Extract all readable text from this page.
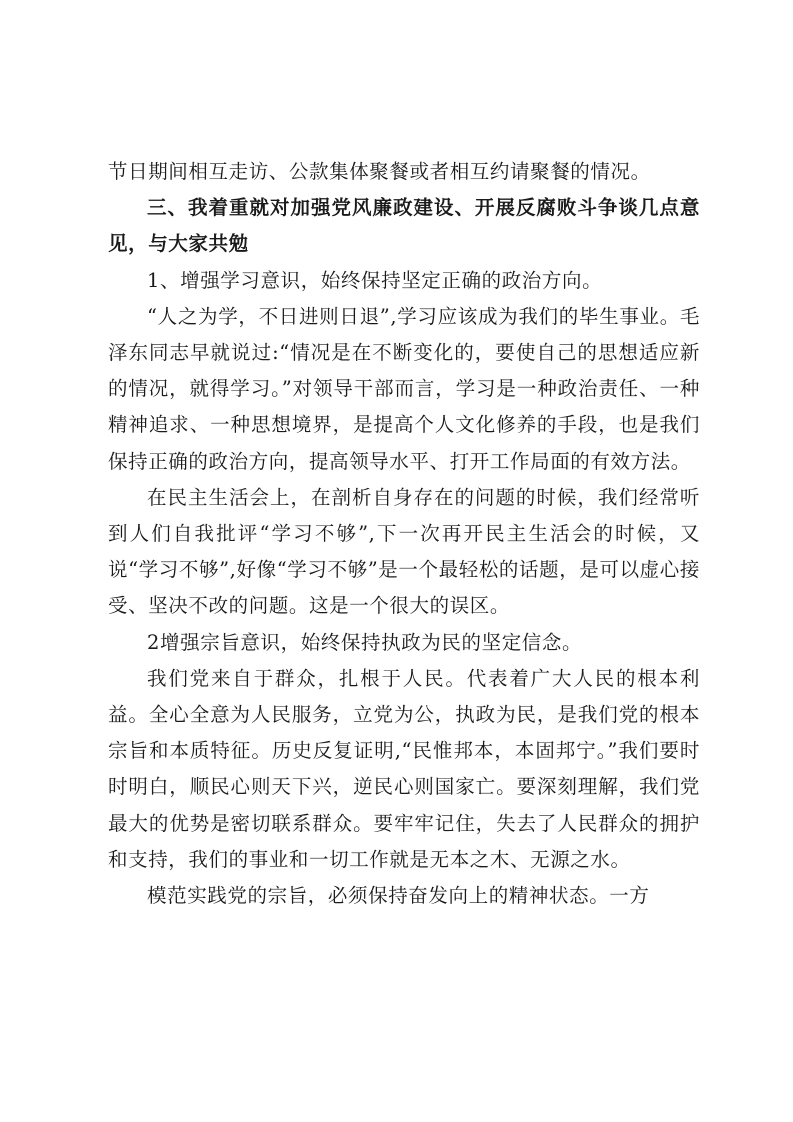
节日期间相互走访、公款集体聚餐或者相互约请聚餐的情况。

三、我着重就对加强党风廉政建设、开展反腐败斗争谈几点意见，与大家共勉

1、增强学习意识，始终保持坚定正确的政治方向。

“人之为学，不日进则日退”,学习应该成为我们的毕生事业。毛泽东同志早就说过:“情况是在不断变化的，要使自己的思想适应新的情况，就得学习。”对领导干部而言，学习是一种政治责任、一种精神追求、一种思想境界，是提高个人文化修养的手段，也是我们保持正确的政治方向，提高领导水平、打开工作局面的有效方法。

在民主生活会上，在剖析自身存在的问题的时候，我们经常听到人们自我批评“学习不够”,下一次再开民主生活会的时候，又说“学习不够”,好像“学习不够”是一个最轻松的话题，是可以虚心接受、坚决不改的问题。这是一个很大的误区。

2增强宗旨意识，始终保持执政为民的坚定信念。

我们党来自于群众，扎根于人民。代表着广大人民的根本利益。全心全意为人民服务，立党为公，执政为民，是我们党的根本宗旨和本质特征。历史反复证明,“民惟邦本，本固邦宁。”我们要时时明白，顺民心则天下兴，逆民心则国家亡。要深刻理解，我们党最大的优势是密切联系群众。要牢牢记住，失去了人民群众的拥护和支持，我们的事业和一切工作就是无本之木、无源之水。

模范实践党的宗旨，必须保持奋发向上的精神状态。一方
